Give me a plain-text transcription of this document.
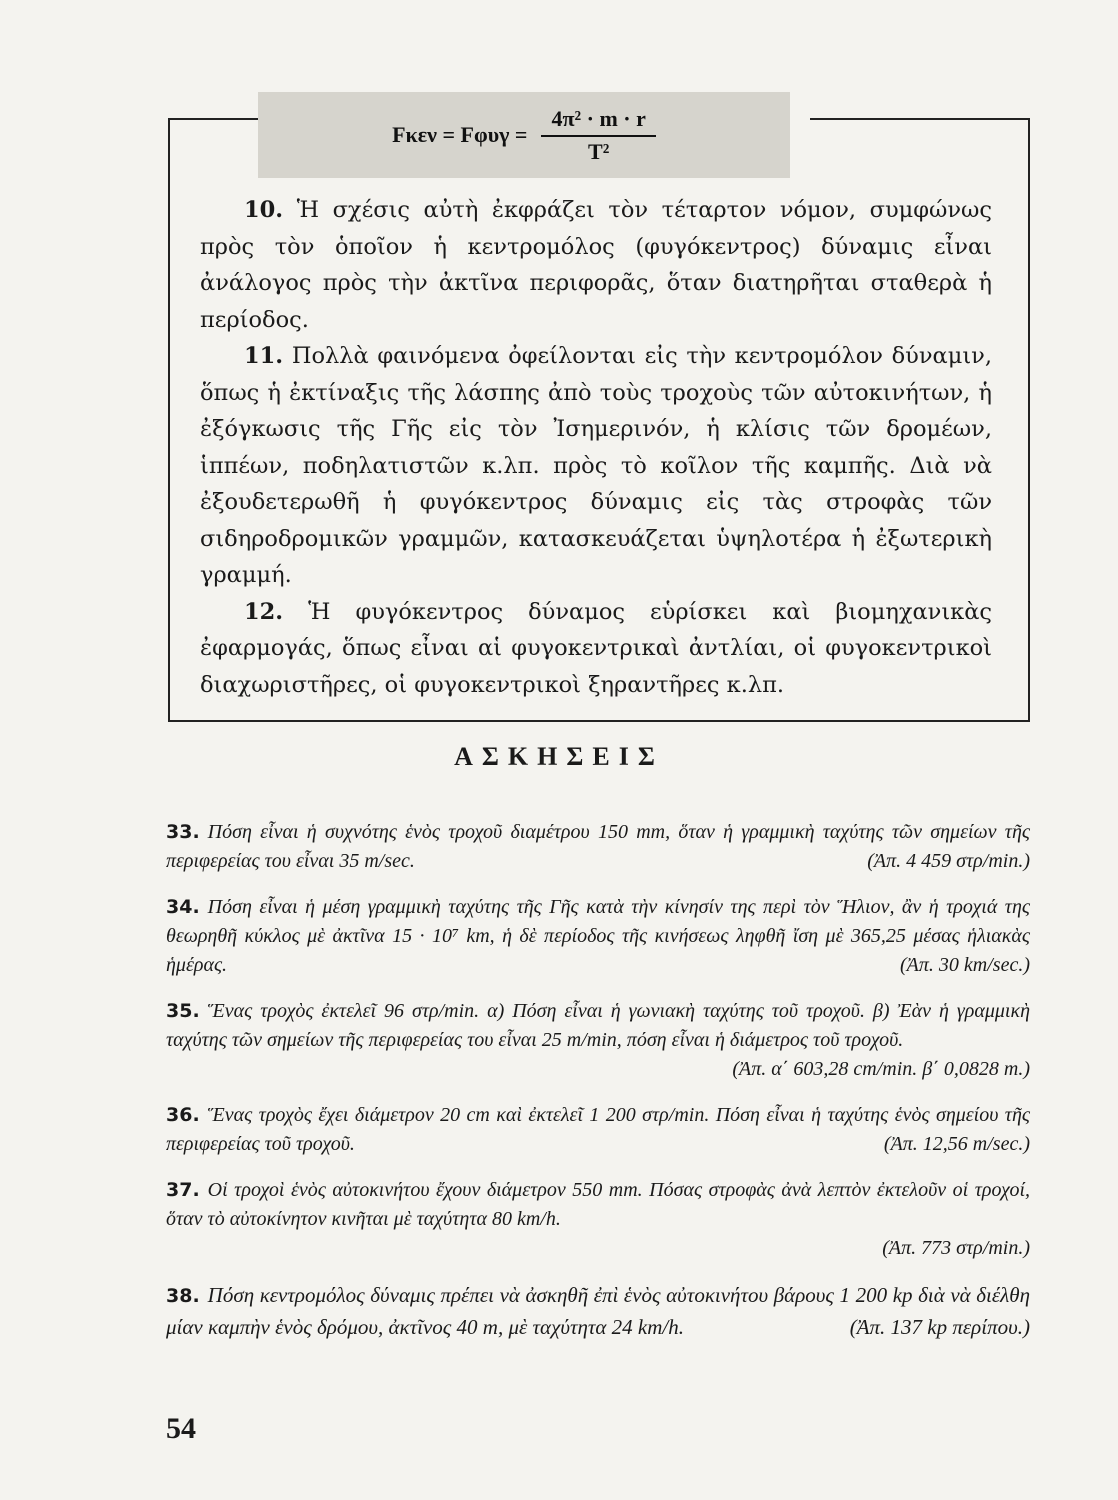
$F\kappa\varepsilon\nu = F\varphi\upsilon\gamma = \frac{\text{4π² · m · r}}{\text{T²}}$

10. Ἡ σχέσις αὐτὴ ἐκφράζει τὸν τέταρτον νόμον, συμφώνως πρὸς τὸν ὁποῖον ἡ κεντρομόλος (φυγόκεντρος) δύναμις εἶναι ἀνάλογος πρὸς τὴν ἀκτῖνα περιφορᾶς, ὅταν διατηρῆται σταθερὰ ἡ περίοδος.

11. Πολλὰ φαινόμενα ὀφείλονται εἰς τὴν κεντρομόλον δύναμιν, ὅπως ἡ ἐκτίναξις τῆς λάσπης ἀπὸ τοὺς τροχοὺς τῶν αὐτοκινήτων, ἡ ἐξόγκωσις τῆς Γῆς εἰς τὸν Ἰσημερινόν, ἡ κλίσις τῶν δρομέων, ἱππέων, ποδηλατιστῶν κ.λπ. πρὸς τὸ κοῖλον τῆς καμπῆς. Διὰ νὰ ἐξουδετερωθῆ ἡ φυγόκεντρος δύναμις εἰς τὰς στροφὰς τῶν σιδηροδρομικῶν γραμμῶν, κατασκευάζεται ὑψηλοτέρα ἡ ἐξωτερικὴ γραμμή.

12. Ἡ φυγόκεντρος δύναμος εὑρίσκει καὶ βιομηχανικὰς ἐφαρμογάς, ὅπως εἶναι αἱ φυγοκεντρικαὶ ἀντλίαι, οἱ φυγοκεντρικοὶ διαχωριστῆρες, οἱ φυγοκεντρικοὶ ξηραντῆρες κ.λπ.

ΑΣΚΗΣΕΙΣ
33. Πόση εἶναι ἡ συχνότης ἑνὸς τροχοῦ διαμέτρου 150 mm, ὅταν ἡ γραμμικὴ ταχύτης τῶν σημείων τῆς περιφερείας του εἶναι 35 m/sec.	(Ἀπ. 4 459 στρ/min.)
34. Πόση εἶναι ἡ μέση γραμμικὴ ταχύτης τῆς Γῆς κατὰ τὴν κίνησίν της περὶ τὸν Ἥλιον, ἂν ἡ τροχιά της θεωρηθῆ κύκλος μὲ ἀκτῖνα 15 · 10⁷ km, ἡ δὲ περίοδος τῆς κινήσεως ληφθῆ ἴση μὲ 365,25 μέσας ἡλιακὰς ἡμέρας.	(Ἀπ. 30 km/sec.)
35. Ἕνας τροχὸς ἐκτελεῖ 96 στρ/min. α) Πόση εἶναι ἡ γωνιακὴ ταχύτης τοῦ τροχοῦ. β) Ἐὰν ἡ γραμμικὴ ταχύτης τῶν σημείων τῆς περιφερείας του εἶναι 25 m/min, πόση εἶναι ἡ διάμετρος τοῦ τροχοῦ.
(Ἀπ. α΄ 603,28 cm/min. β΄ 0,0828 m.)
36. Ἕνας τροχὸς ἔχει διάμετρον 20 cm καὶ ἐκτελεῖ 1 200 στρ/min. Πόση εἶναι ἡ ταχύτης ἑνὸς σημείου τῆς περιφερείας τοῦ τροχοῦ.	(Ἀπ. 12,56 m/sec.)
37. Οἱ τροχοὶ ἑνὸς αὐτοκινήτου ἔχουν διάμετρον 550 mm. Πόσας στροφὰς ἀνὰ λεπτὸν ἐκτελοῦν οἱ τροχοί, ὅταν τὸ αὐτοκίνητον κινῆται μὲ ταχύτητα 80 km/h.
(Ἀπ. 773 στρ/min.)
38. Πόση κεντρομόλος δύναμις πρέπει νὰ ἀσκηθῆ ἐπὶ ἑνὸς αὐτοκινήτου βάρους 1 200 kp διὰ νὰ διέλθη μίαν καμπὴν ἑνὸς δρόμου, ἀκτῖνος 40 m, μὲ ταχύτητα 24 km/h.	(Ἀπ. 137 kp περίπου.)
54
